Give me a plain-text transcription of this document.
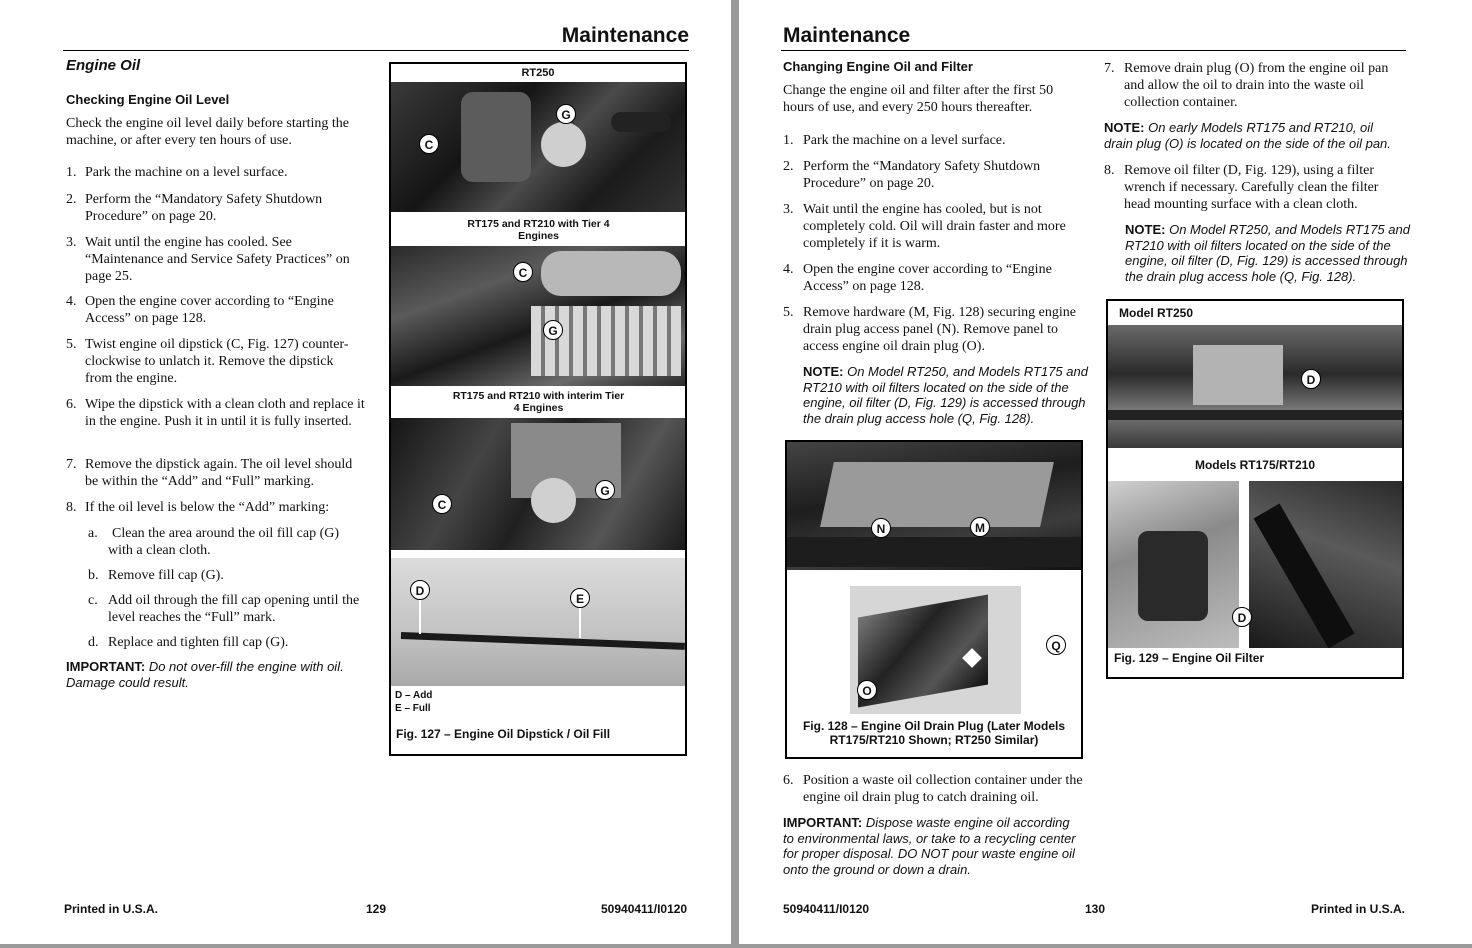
Maintenance
Engine Oil
Checking Engine Oil Level
Check the engine oil level daily before starting the machine, or after every ten hours of use.
1. Park the machine on a level surface.
2. Perform the “Mandatory Safety Shutdown Procedure” on page 20.
3. Wait until the engine has cooled. See “Maintenance and Service Safety Practices” on page 25.
4. Open the engine cover according to “Engine Access” on page 128.
5. Twist engine oil dipstick (C, Fig. 127) counter-clockwise to unlatch it. Remove the dipstick from the engine.
6. Wipe the dipstick with a clean cloth and replace it in the engine. Push it in until it is fully inserted.
7. Remove the dipstick again. The oil level should be within the “Add” and “Full” marking.
8. If the oil level is below the “Add” marking:
a. Clean the area around the oil fill cap (G) with a clean cloth.
b. Remove fill cap (G).
c. Add oil through the fill cap opening until the level reaches the “Full” mark.
d. Replace and tighten fill cap (G).
IMPORTANT: Do not over-fill the engine with oil. Damage could result.
RT250
C
G
RT175 and RT210 with Tier 4 Engines
C
G
RT175 and RT210 with interim Tier 4 Engines
C
G
D
E
D – Add
E – Full
Fig. 127 – Engine Oil Dipstick / Oil Fill
Printed in U.S.A.	129	50940411/I0120
Maintenance
Changing Engine Oil and Filter
Change the engine oil and filter after the first 50 hours of use, and every 250 hours thereafter.
1. Park the machine on a level surface.
2. Perform the “Mandatory Safety Shutdown Procedure” on page 20.
3. Wait until the engine has cooled, but is not completely cold. Oil will drain faster and more completely if it is warm.
4. Open the engine cover according to “Engine Access” on page 128.
5. Remove hardware (M, Fig. 128) securing engine drain plug access panel (N). Remove panel to access engine oil drain plug (O).
NOTE: On Model RT250, and Models RT175 and RT210 with oil filters located on the side of the engine, oil filter (D, Fig. 129) is accessed through the drain plug access hole (Q, Fig. 128).
N	M
Q
O
Fig. 128 – Engine Oil Drain Plug (Later Models
RT175/RT210 Shown; RT250 Similar)
6. Position a waste oil collection container under the engine oil drain plug to catch draining oil.
IMPORTANT: Dispose waste engine oil according to environmental laws, or take to a recycling center for proper disposal. DO NOT pour waste engine oil onto the ground or down a drain.
7. Remove drain plug (O) from the engine oil pan and allow the oil to drain into the waste oil collection container.
NOTE: On early Models RT175 and RT210, oil drain plug (O) is located on the side of the oil pan.
8. Remove oil filter (D, Fig. 129), using a filter wrench if necessary. Carefully clean the filter head mounting surface with a clean cloth.
NOTE: On Model RT250, and Models RT175 and RT210 with oil filters located on the side of the engine, oil filter (D, Fig. 129) is accessed through the drain plug access hole (Q, Fig. 128).
Model RT250
D
Models RT175/RT210
D
Fig. 129 – Engine Oil Filter
50940411/I0120	130	Printed in U.S.A.
